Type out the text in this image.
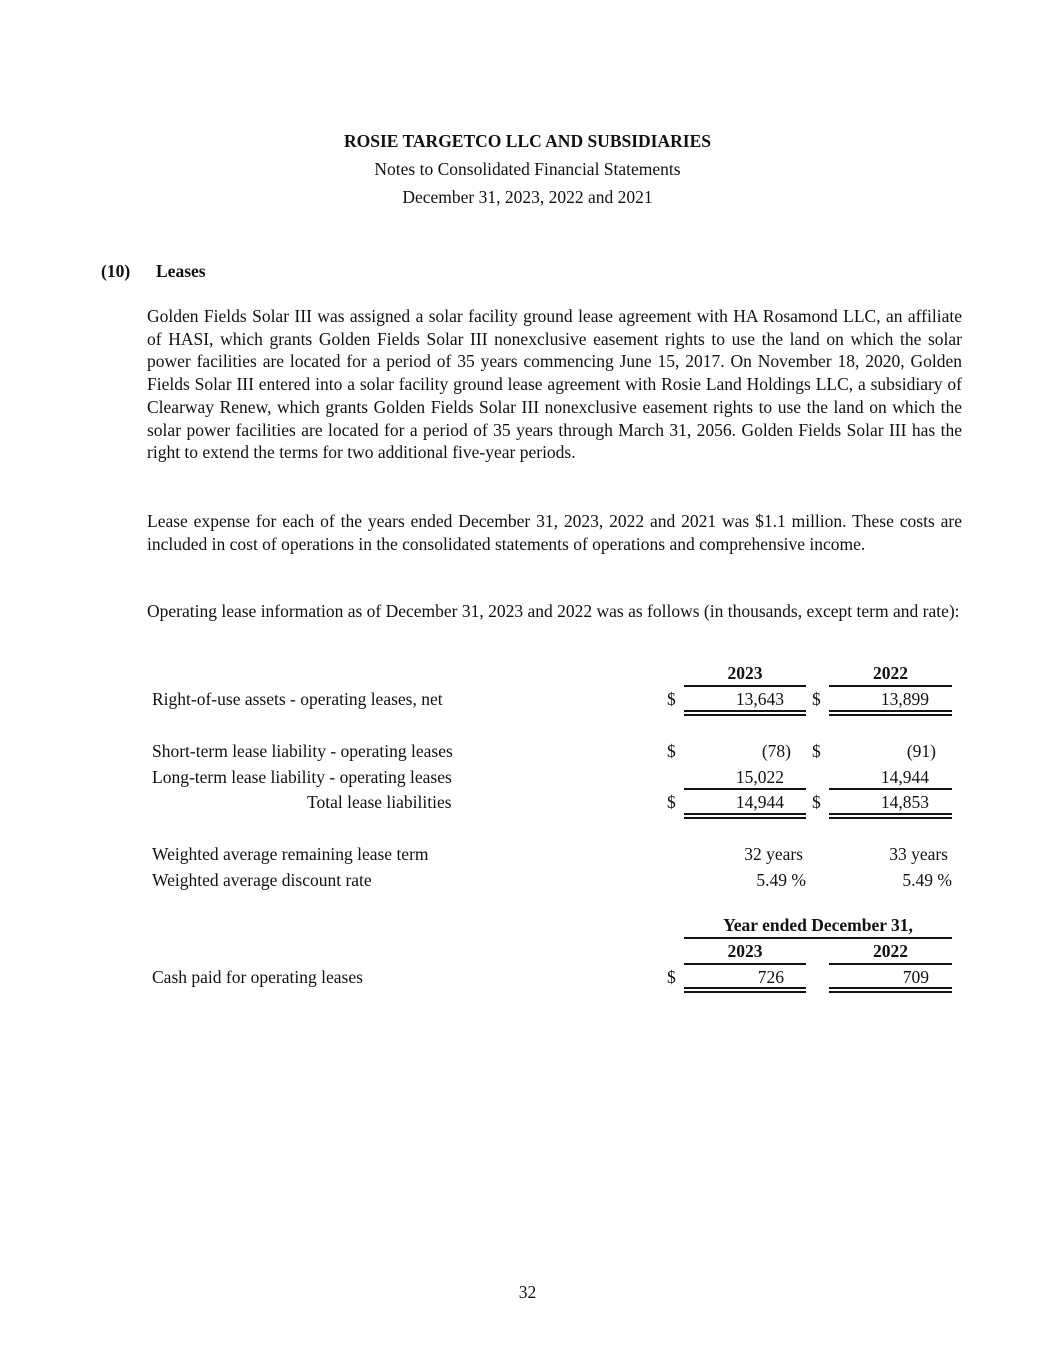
ROSIE TARGETCO LLC AND SUBSIDIARIES
Notes to Consolidated Financial Statements
December 31, 2023, 2022 and 2021
(10) Leases

Golden Fields Solar III was assigned a solar facility ground lease agreement with HA Rosamond LLC, an affiliate of HASI, which grants Golden Fields Solar III nonexclusive easement rights to use the land on which the solar power facilities are located for a period of 35 years commencing June 15, 2017. On November 18, 2020, Golden Fields Solar III entered into a solar facility ground lease agreement with Rosie Land Holdings LLC, a subsidiary of Clearway Renew, which grants Golden Fields Solar III nonexclusive easement rights to use the land on which the solar power facilities are located for a period of 35 years through March 31, 2056. Golden Fields Solar III has the right to extend the terms for two additional five-year periods.

Lease expense for each of the years ended December 31, 2023, 2022 and 2021 was $1.1 million. These costs are included in cost of operations in the consolidated statements of operations and comprehensive income.

Operating lease information as of December 31, 2023 and 2022 was as follows (in thousands, except term and rate):

2023	2022
Right-of-use assets - operating leases, net	$	13,643	$	13,899
Short-term lease liability - operating leases	$	(78)	$	(91)
Long-term lease liability - operating leases	15,022	14,944
Total lease liabilities	$	14,944	$	14,853
Weighted average remaining lease term	32 years	33 years
Weighted average discount rate	5.49 %	5.49 %
Year ended December 31,
2023	2022
Cash paid for operating leases	$	726	709
32
